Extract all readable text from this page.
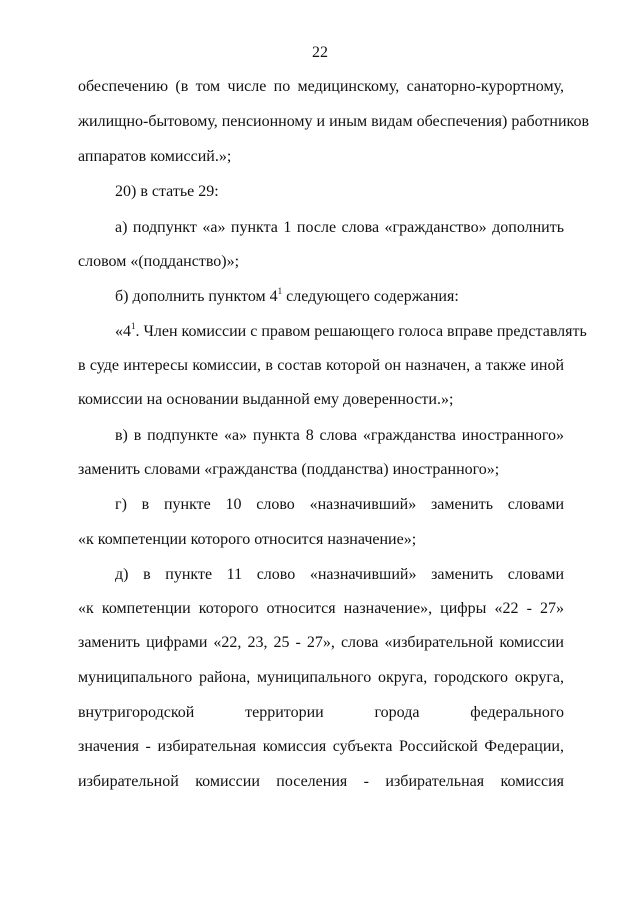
22
обеспечению (в том числе по медицинскому, санаторно-курортному,
жилищно-бытовому, пенсионному и иным видам обеспечения) работников
аппаратов комиссий.»;
20) в статье 29:
а) подпункт «а» пункта 1 после слова «гражданство» дополнить
словом «(подданство)»;
б) дополнить пунктом $4^1$ следующего содержания:
«$4^1$. Член комиссии с правом решающего голоса вправе представлять
в суде интересы комиссии, в состав которой он назначен, а также иной
комиссии на основании выданной ему доверенности.»;
в) в подпункте «а» пункта 8 слова «гражданства иностранного»
заменить словами «гражданства (подданства) иностранного»;
г) в пункте 10 слово «назначивший» заменить словами
«к компетенции которого относится назначение»;
д) в пункте 11 слово «назначивший» заменить словами
«к компетенции которого относится назначение», цифры «22 - 27»
заменить цифрами «22, 23, 25 - 27», слова «избирательной комиссии
муниципального района, муниципального округа, городского округа,
внутригородской территории города федерального
значения - избирательная комиссия субъекта Российской Федерации,
избирательной комиссии поселения - избирательная комиссия
